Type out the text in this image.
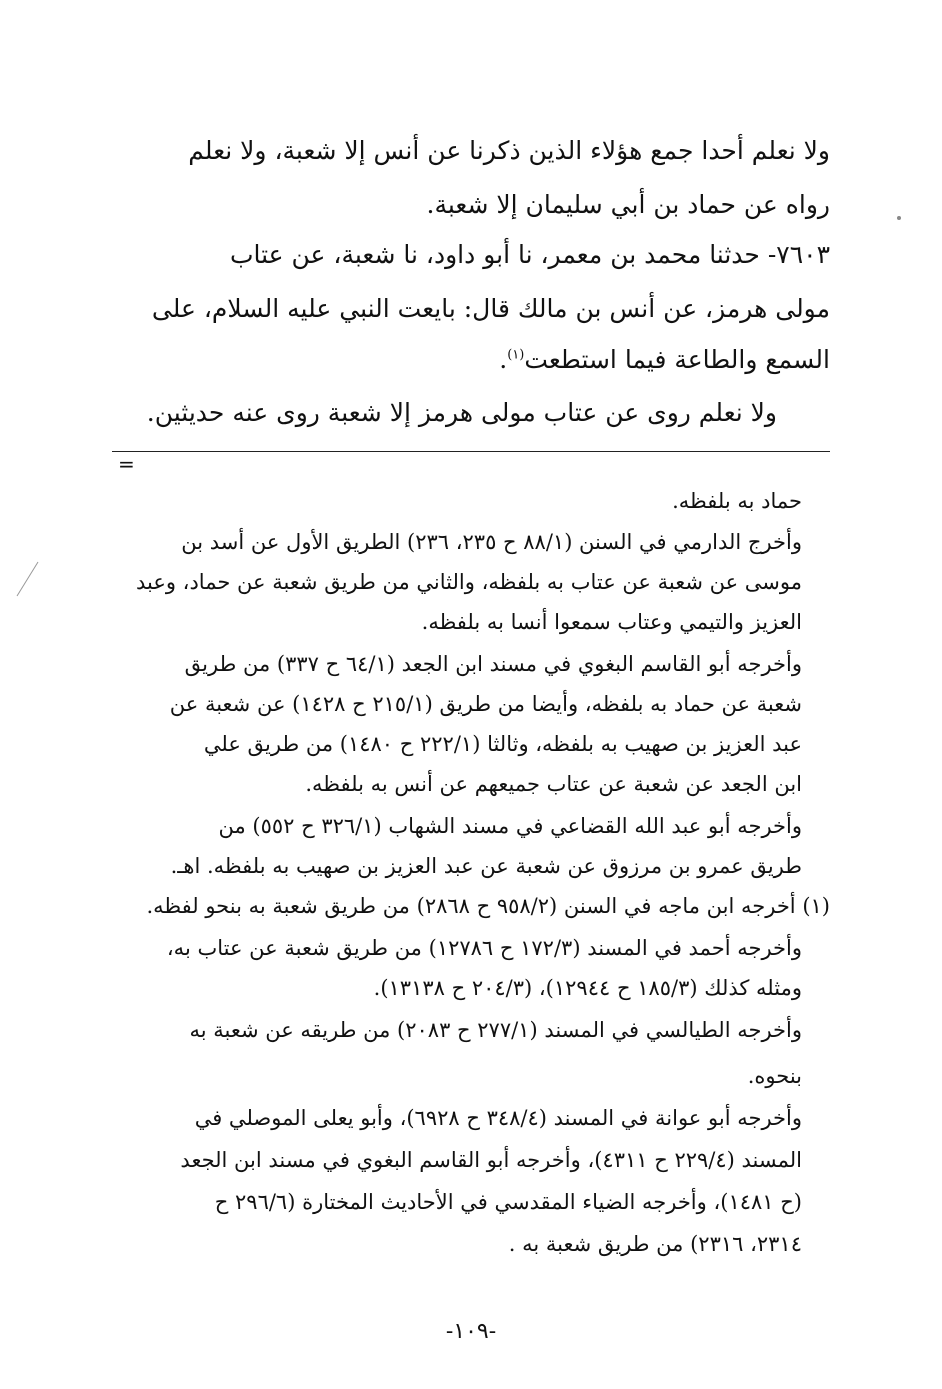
ولا نعلم أحدا جمع هؤلاء الذين ذكرنا عن أنس إلا شعبة، ولا نعلم

رواه عن حماد بن أبي سليمان إلا شعبة.

٧٦٠٣- حدثنا محمد بن معمر، نا أبو داود، نا شعبة، عن عتاب

مولى هرمز، عن أنس بن مالك قال: بايعت النبي عليه السلام، على

السمع والطاعة فيما استطعت$^{(١)}$.

ولا نعلم روى عن عتاب مولى هرمز إلا شعبة روى عنه حديثين.

=

حماد به بلفظه.

وأخرج الدارمي في السنن (٨٨/١ ح ٢٣٥، ٢٣٦) الطريق الأول عن أسد بن

موسى عن شعبة عن عتاب به بلفظه، والثاني من طريق شعبة عن حماد، وعبد

العزيز والتيمي وعتاب سمعوا أنسا به بلفظه.

وأخرجه أبو القاسم البغوي في مسند ابن الجعد (٦٤/١ ح ٣٣٧) من طريق

شعبة عن حماد به بلفظه، وأيضا من طريق (٢١٥/١ ح ١٤٢٨) عن شعبة عن

عبد العزيز بن صهيب به بلفظه، وثالثا (٢٢٢/١ ح ١٤٨٠) من طريق علي

ابن الجعد عن شعبة عن عتاب جميعهم عن أنس به بلفظه.

وأخرجه أبو عبد الله القضاعي في مسند الشهاب (٣٢٦/١ ح ٥٥٢) من

طريق عمرو بن مرزوق عن شعبة عن عبد العزيز بن صهيب به بلفظه. اهـ.

(١) أخرجه ابن ماجه في السنن (٩٥٨/٢ ح ٢٨٦٨) من طريق شعبة به بنحو لفظه.

وأخرجه أحمد في المسند (١٧٢/٣ ح ١٢٧٨٦) من طريق شعبة عن عتاب به،

ومثله كذلك (١٨٥/٣ ح ١٢٩٤٤)، (٢٠٤/٣ ح ١٣١٣٨).

وأخرجه الطيالسي في المسند (٢٧٧/١ ح ٢٠٨٣) من طريقه عن شعبة به

بنحوه.

وأخرجه أبو عوانة في المسند (٣٤٨/٤ ح ٦٩٢٨)، وأبو يعلى الموصلي في

المسند (٢٢٩/٤ ح ٤٣١١)، وأخرجه أبو القاسم البغوي في مسند ابن الجعد

(ح ١٤٨١)، وأخرجه الضياء المقدسي في الأحاديث المختارة (٢٩٦/٦ ح

٢٣١٤، ٢٣١٦) من طريق شعبة به .

-١٠٩-
